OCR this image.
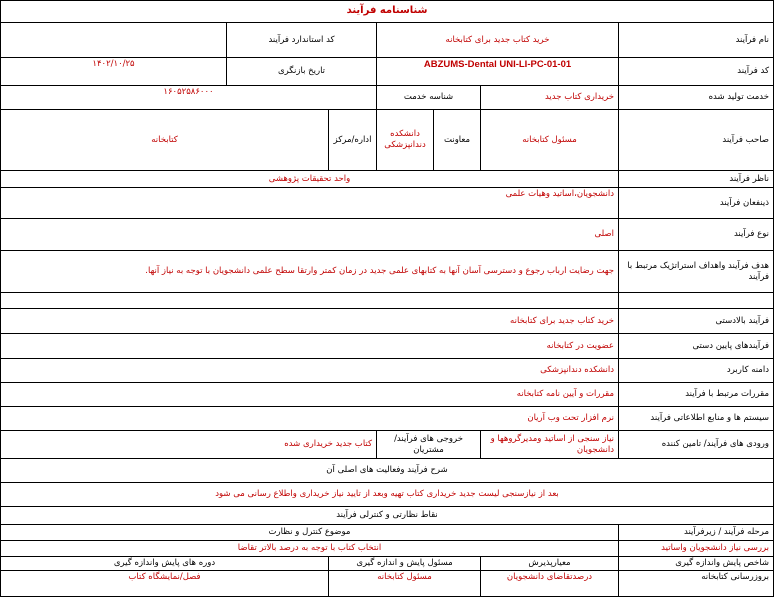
شناسنامه فرآیند						
نام فرآیند	خرید کتاب جدید برای کتابخانه			کد استاندارد فرآیند		
کد فرآیند	ABZUMS-Dental UNI-LI-PC-01-01			تاریخ بازنگری		۱۴۰۲/۱۰/۲۵
خدمت تولید شده	خریداری کتاب جدید	شناسه خدمت		۱۶۰۵۲۵۸۶۰۰۰		
صاحب فرآیند	مسئول کتابخانه	معاونت	دانشکده دندانپزشکی	اداره/مرکز	کتابخانه	
ناظر فرآیند	واحد تحقیقات پژوهشی					
ذینفعان فرآیند	دانشجویان،اساتید وهیات علمی					
نوع فرآیند	اصلی					
هدف فرآیند واهداف استراتژیک مرتبط با فرآیند	جهت رضایت ارباب رجوع و دسترسی آسان آنها به کتابهای علمی جدید در زمان کمتر وارتقا سطح علمی دانشجویان با توجه به نیاز آنها.					

فرآیند بالادستی	خرید کتاب جدید برای کتابخانه					
فرآیندهای پایین دستی	عضویت در کتابخانه					
دامنه کاربرد	دانشکده دندانپزشکی					
مقررات مرتبط با فرآیند	مقررات و آیین نامه کتابخانه					
سیستم ها و منابع اطلاعاتی فرآیند	نرم افزار تحت وب آریان					
ورودی های فرآیند/ تامین کننده	نیاز سنجی از اساتید ومدیرگروهها و دانشجویان	خروجی های فرآیند/ مشتریان		کتاب جدید خریداری شده		
شرح فرآیند وفعالیت های اصلی آن						
بعد از نیازسنجی لیست جدید خریداری کتاب تهیه وبعد از تایید نیاز خریداری واطلاع رسانی می شود						
نقاط نظارتی و کنترلی فرآیند						
مرحله فرآیند / زیرفرآیند	موضوع کنترل و نظارت					
بررسی نیاز دانشجویان واساتید	انتخاب کتاب با توجه به درصد بالاتر تقاضا					
شاخص پایش واندازه گیری	معیارپذیرش	مسئول پایش و اندازه گیری			دوره های پایش واندازه گیری	
بروزرسانی کتابخانه	درصدتقاضای دانشجویان	مسئول کتابخانه			فصل/نمایشگاه کتاب	
